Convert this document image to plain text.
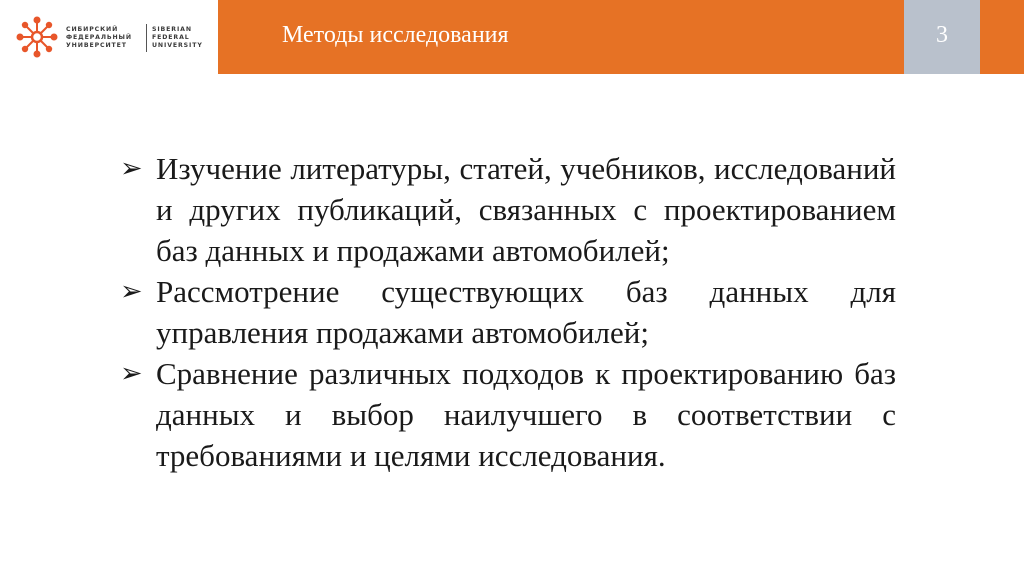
СИБИРСКИЙ
ФЕДЕРАЛЬНЫЙ
УНИВЕРСИТЕТ
SIBERIAN
FEDERAL
UNIVERSITY	Методы исследования	3
➢ Изучение литературы, статей, учебников, исследований и других публикаций, связанных с проектированием баз данных и продажами автомобилей;
➢ Рассмотрение существующих баз данных для управления продажами автомобилей;
➢ Сравнение различных подходов к проектированию баз данных и выбор наилучшего в соответствии с требованиями и целями исследования.
